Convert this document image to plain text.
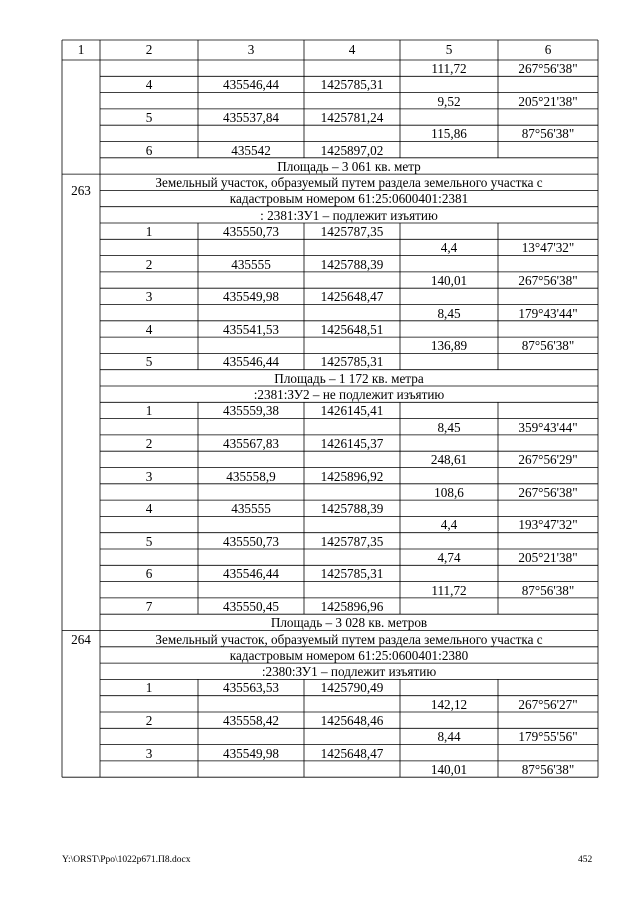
1	2	3	4	5	6
111,72	267°56'38"
4	435546,44	1425785,31
9,52	205°21'38"
5	435537,84	1425781,24
115,86	87°56'38"
6	435542	1425897,02
Площадь – 3 061 кв. метр
263
Земельный участок, образуемый путем раздела земельного участка с
кадастровым номером 61:25:0600401:2381
: 2381:ЗУ1 – подлежит изъятию
1	435550,73	1425787,35
4,4	13°47'32"
2	435555	1425788,39
140,01	267°56'38"
3	435549,98	1425648,47
8,45	179°43'44"
4	435541,53	1425648,51
136,89	87°56'38"
5	435546,44	1425785,31
Площадь – 1 172 кв. метра
:2381:ЗУ2 – не подлежит изъятию
1	435559,38	1426145,41
8,45	359°43'44"
2	435567,83	1426145,37
248,61	267°56'29"
3	435558,9	1425896,92
108,6	267°56'38"
4	435555	1425788,39
4,4	193°47'32"
5	435550,73	1425787,35
4,74	205°21'38"
6	435546,44	1425785,31
111,72	87°56'38"
7	435550,45	1425896,96
Площадь – 3 028 кв. метров
264	Земельный участок, образуемый путем раздела земельного участка с
кадастровым номером 61:25:0600401:2380
:2380:ЗУ1 – подлежит изъятию
1	435563,53	1425790,49
142,12	267°56'27"
2	435558,42	1425648,46
8,44	179°55'56"
3	435549,98	1425648,47
140,01	87°56'38"
Y:\ORST\Ppo\1022p671.П8.docx	452
